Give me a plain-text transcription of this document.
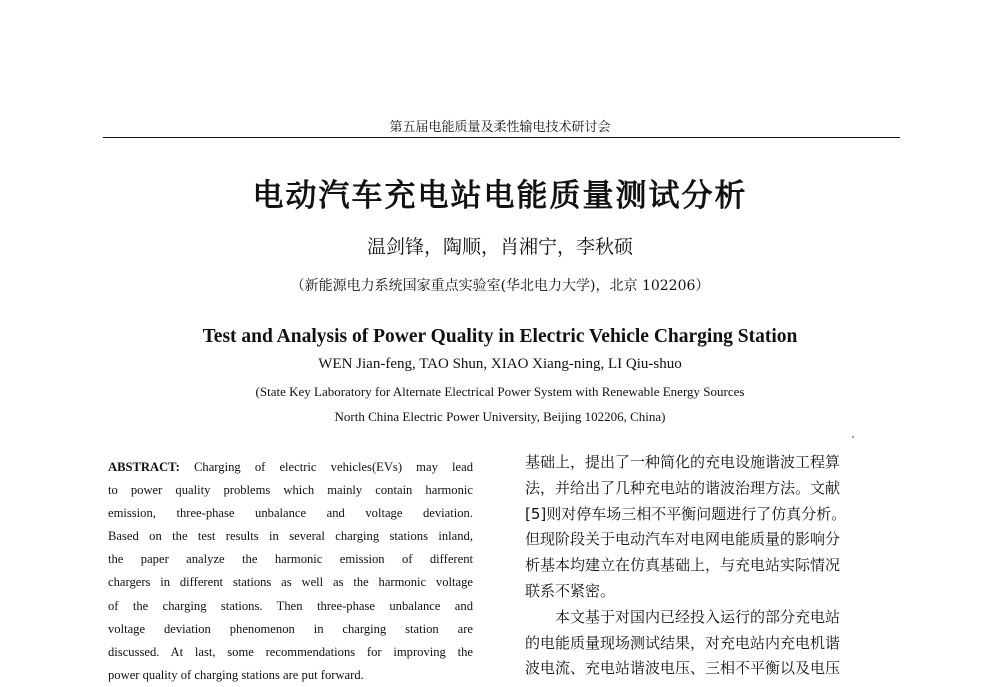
第五届电能质量及柔性输电技术研讨会
电动汽车充电站电能质量测试分析
温剑锋，陶顺，肖湘宁，李秋硕
（新能源电力系统国家重点实验室(华北电力大学)，北京 102206）
Test and Analysis of Power Quality in Electric Vehicle Charging Station
WEN Jian-feng, TAO Shun, XIAO Xiang-ning, LI Qiu-shuo
(State Key Laboratory for Alternate Electrical Power System with Renewable Energy Sources
North China Electric Power University, Beijing 102206, China)
ABSTRACT: Charging of electric vehicles(EVs) may lead
to power quality problems which mainly contain harmonic
emission, three-phase unbalance and voltage deviation.
Based on the test results in several charging stations inland,
the paper analyze the harmonic emission of different
chargers in different stations as well as the harmonic voltage
of the charging stations. Then three-phase unbalance and
voltage deviation phenomenon in charging station are
discussed. At last, some recommendations for improving the
power quality of charging stations are put forward.
基础上，提出了一种简化的充电设施谐波工程算
法，并给出了几种充电站的谐波治理方法。文献
[5]则对停车场三相不平衡问题进行了仿真分析。
但现阶段关于电动汽车对电网电能质量的影响分
析基本均建立在仿真基础上，与充电站实际情况
联系不紧密。
　　本文基于对国内已经投入运行的部分充电站
的电能质量现场测试结果，对充电站内充电机谐
波电流、充电站谐波电压、三相不平衡以及电压
